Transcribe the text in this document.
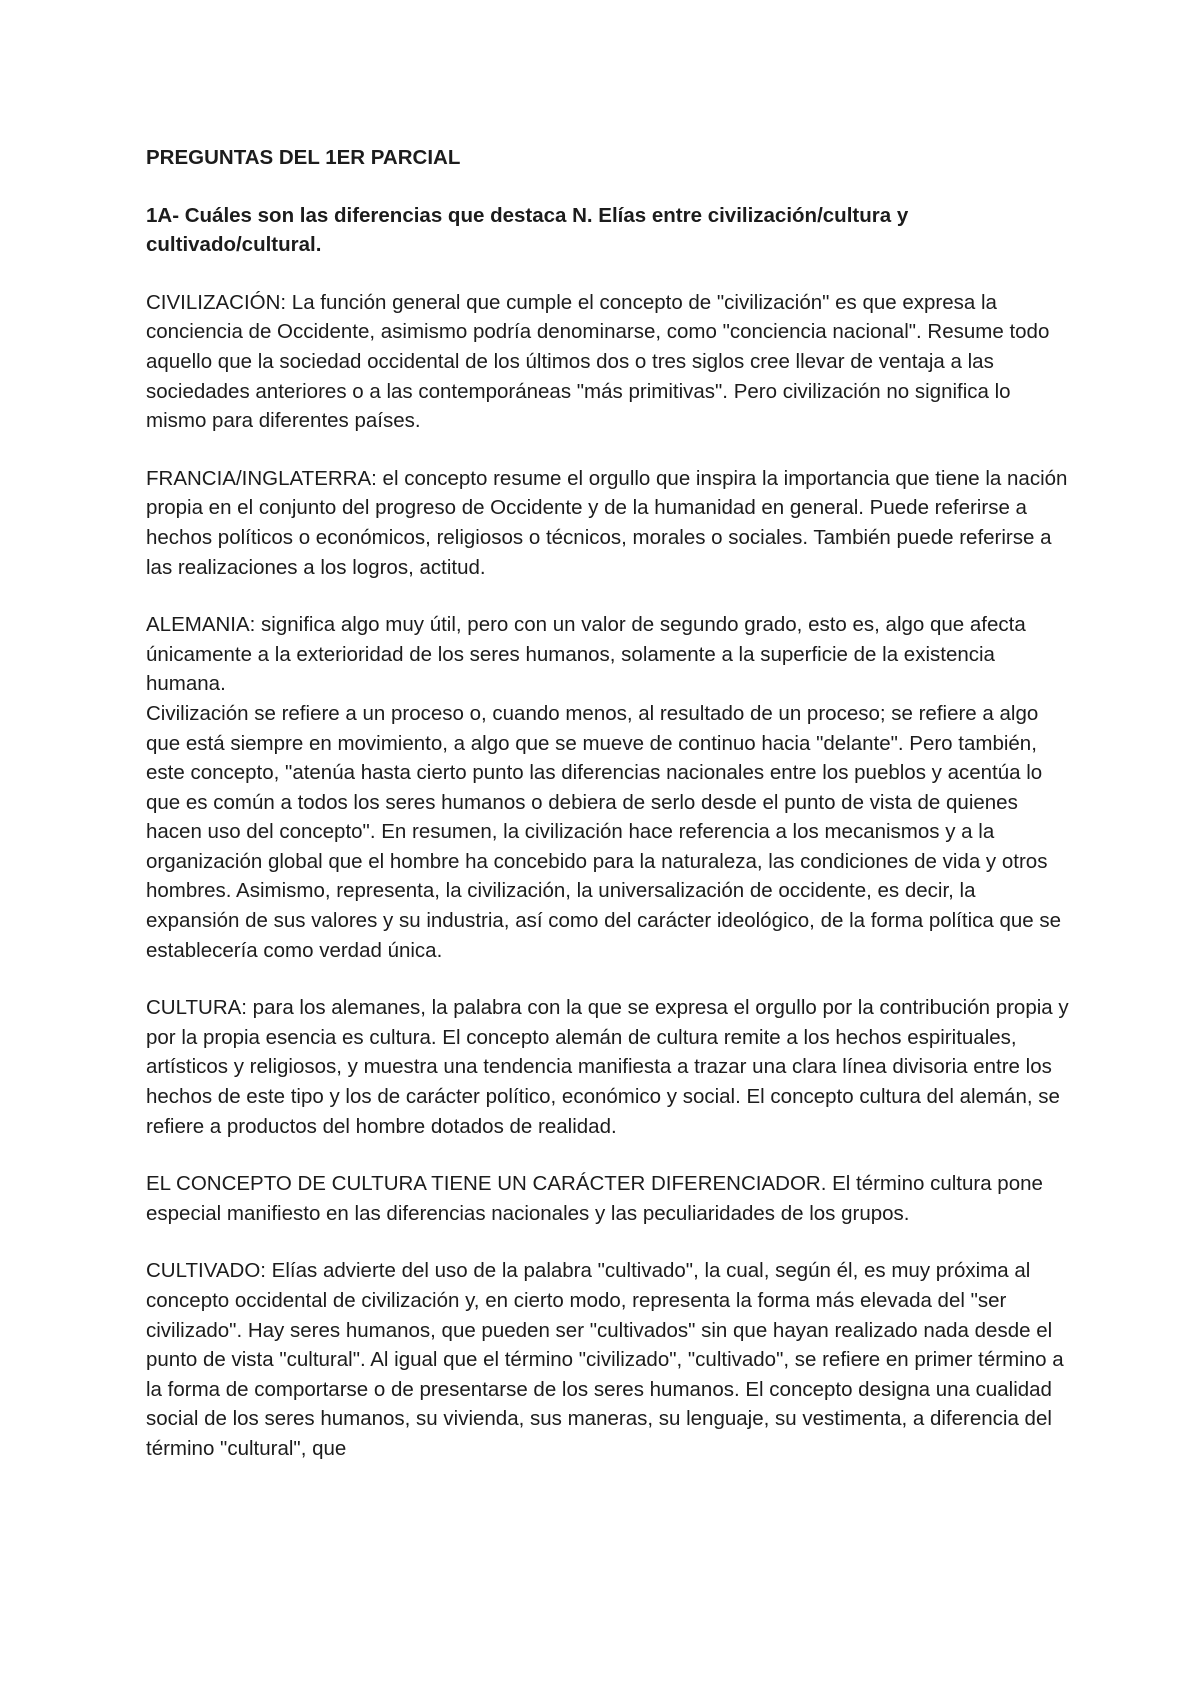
PREGUNTAS DEL 1ER PARCIAL
1A- Cuáles son las diferencias que destaca N. Elías entre civilización/cultura y cultivado/cultural.
CIVILIZACIÓN: La función general que cumple el concepto de "civilización" es que expresa la conciencia de Occidente, asimismo podría denominarse, como "conciencia nacional". Resume todo aquello que la sociedad occidental de los últimos dos o tres siglos cree llevar de ventaja a las sociedades anteriores o a las contemporáneas "más primitivas". Pero civilización no significa lo mismo para diferentes países.
FRANCIA/INGLATERRA: el concepto resume el orgullo que inspira la importancia que tiene la nación propia en el conjunto del progreso de Occidente y de la humanidad en general. Puede referirse a hechos políticos o económicos, religiosos o técnicos, morales o sociales. También puede referirse a las realizaciones a los logros, actitud.
ALEMANIA: significa algo muy útil, pero con un valor de segundo grado, esto es, algo que afecta únicamente a la exterioridad de los seres humanos, solamente a la superficie de la existencia humana.
Civilización se refiere a un proceso o, cuando menos, al resultado de un proceso; se refiere a algo que está siempre en movimiento, a algo que se mueve de continuo hacia "delante". Pero también, este concepto, "atenúa hasta cierto punto las diferencias nacionales entre los pueblos y acentúa lo que es común a todos los seres humanos o debiera de serlo desde el punto de vista de quienes hacen uso del concepto". En resumen, la civilización hace referencia a los mecanismos y a la organización global que el hombre ha concebido para la naturaleza, las condiciones de vida y otros hombres. Asimismo, representa, la civilización, la universalización de occidente, es decir, la expansión de sus valores y su industria, así como del carácter ideológico, de la forma política que se establecería como verdad única.
CULTURA: para los alemanes, la palabra con la que se expresa el orgullo por la contribución propia y por la propia esencia es cultura. El concepto alemán de cultura remite a los hechos espirituales, artísticos y religiosos, y muestra una tendencia manifiesta a trazar una clara línea divisoria entre los hechos de este tipo y los de carácter político, económico y social. El concepto cultura del alemán, se refiere a productos del hombre dotados de realidad.
EL CONCEPTO DE CULTURA TIENE UN CARÁCTER DIFERENCIADOR. El término cultura pone especial manifiesto en las diferencias nacionales y las peculiaridades de los grupos.
CULTIVADO: Elías advierte del uso de la palabra "cultivado", la cual, según él, es muy próxima al concepto occidental de civilización y, en cierto modo, representa la forma más elevada del "ser civilizado". Hay seres humanos, que pueden ser "cultivados" sin que hayan realizado nada desde el punto de vista "cultural". Al igual que el término "civilizado", "cultivado", se refiere en primer término a la forma de comportarse o de presentarse de los seres humanos. El concepto designa una cualidad social de los seres humanos, su vivienda, sus maneras, su lenguaje, su vestimenta, a diferencia del término "cultural", que
